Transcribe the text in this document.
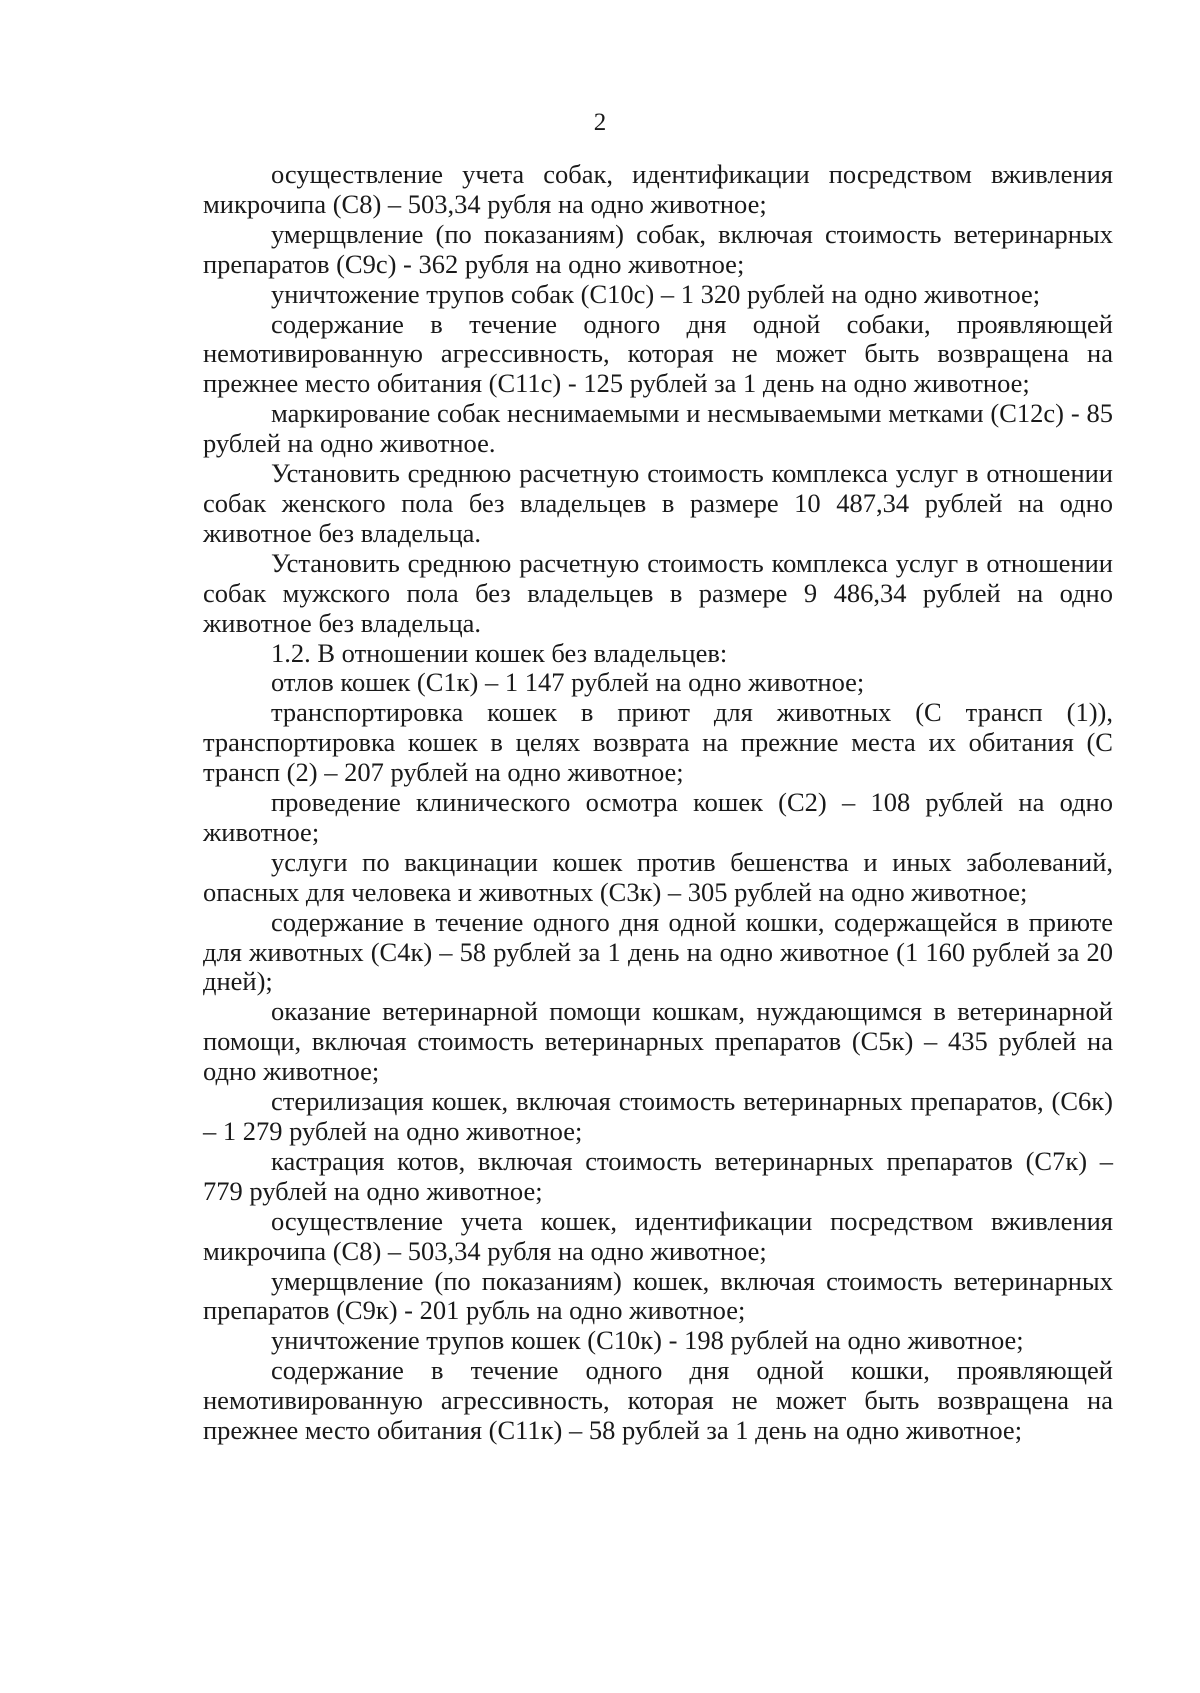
2

осуществление учета собак, идентификации посредством вживления микрочипа (С8) – 503,34 рубля на одно животное;

умерщвление (по показаниям) собак, включая стоимость ветеринарных препаратов (С9с) - 362 рубля на одно животное;

уничтожение трупов собак (С10с) – 1 320 рублей на одно животное;

содержание в течение одного дня одной собаки, проявляющей немотивированную агрессивность, которая не может быть возвращена на прежнее место обитания (С11с) - 125 рублей за 1 день на одно животное;

маркирование собак неснимаемыми и несмываемыми метками (С12с) - 85 рублей на одно животное.

Установить среднюю расчетную стоимость комплекса услуг в отношении собак женского пола без владельцев в размере 10 487,34 рублей на одно животное без владельца.

Установить среднюю расчетную стоимость комплекса услуг в отношении собак мужского пола без владельцев в размере 9 486,34 рублей на одно животное без владельца.

1.2. В отношении кошек без владельцев:

отлов кошек (С1к) – 1 147 рублей на одно животное;

транспортировка кошек в приют для животных (С трансп (1)), транспортировка кошек в целях возврата на прежние места их обитания (С трансп (2) – 207 рублей на одно животное;

проведение клинического осмотра кошек (С2) – 108 рублей на одно животное;

услуги по вакцинации кошек против бешенства и иных заболеваний, опасных для человека и животных (С3к) – 305 рублей на одно животное;

содержание в течение одного дня одной кошки, содержащейся в приюте для животных (С4к) – 58 рублей за 1 день на одно животное (1 160 рублей за 20 дней);

оказание ветеринарной помощи кошкам, нуждающимся в ветеринарной помощи, включая стоимость ветеринарных препаратов (С5к) – 435 рублей на одно животное;

стерилизация кошек, включая стоимость ветеринарных препаратов, (С6к) – 1 279 рублей на одно животное;

кастрация котов, включая стоимость ветеринарных препаратов (С7к) – 779 рублей на одно животное;

осуществление учета кошек, идентификации посредством вживления микрочипа (С8) – 503,34 рубля на одно животное;

умерщвление (по показаниям) кошек, включая стоимость ветеринарных препаратов (С9к) - 201 рубль на одно животное;

уничтожение трупов кошек (С10к) - 198 рублей на одно животное;

содержание в течение одного дня одной кошки, проявляющей немотивированную агрессивность, которая не может быть возвращена на прежнее место обитания (С11к) – 58 рублей за 1 день на одно животное;
